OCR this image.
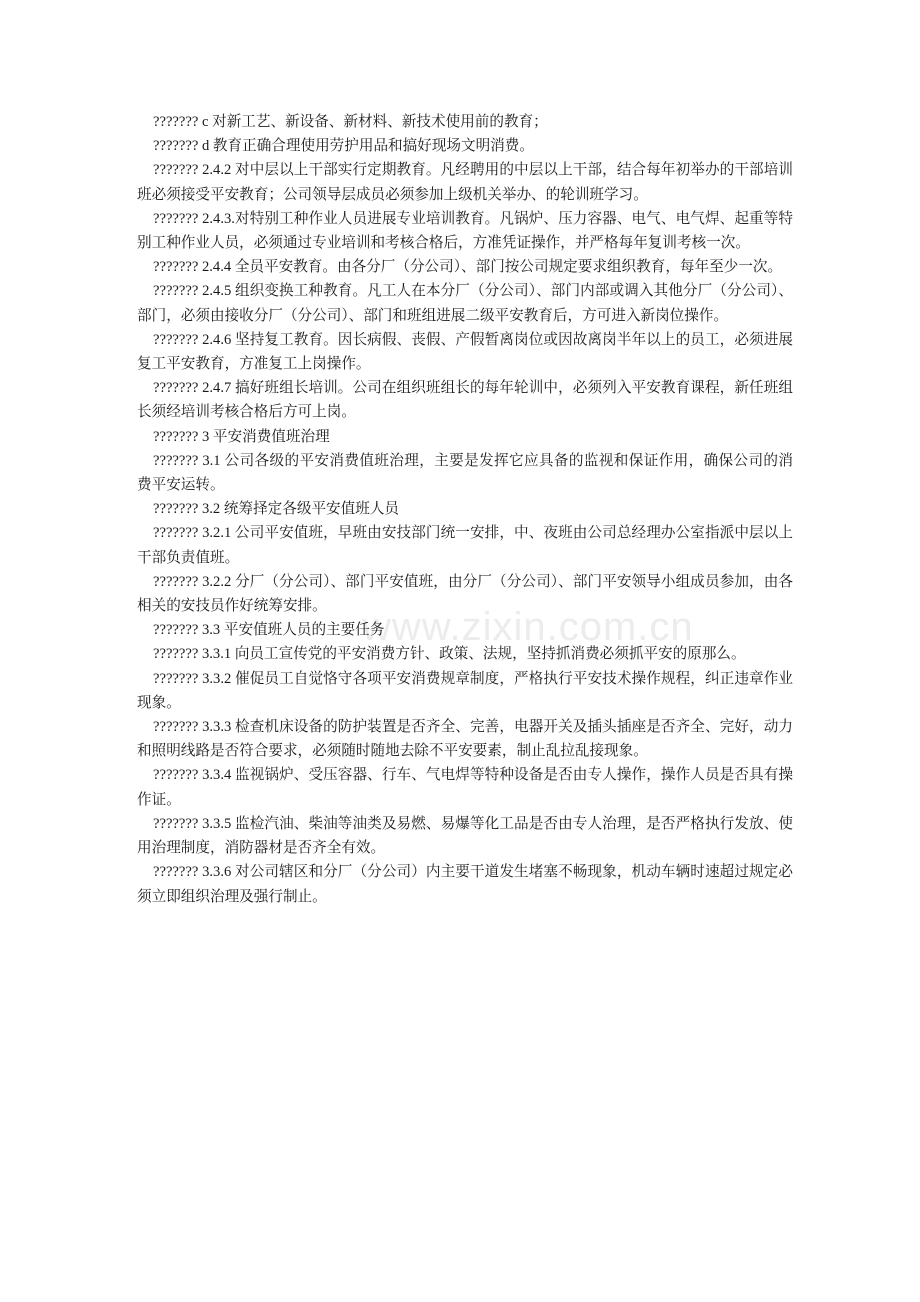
www.zixin.com.cn

??????? c 对新工艺、新设备、新材料、新技术使用前的教育；

??????? d 教育正确合理使用劳护用品和搞好现场文明消费。

??????? 2.4.2 对中层以上干部实行定期教育。凡经聘用的中层以上干部，结合每年初举办的干部培训班必须接受平安教育；公司领导层成员必须参加上级机关举办、的轮训班学习。

??????? 2.4.3.对特别工种作业人员进展专业培训教育。凡锅炉、压力容器、电气、电气焊、起重等特别工种作业人员，必须通过专业培训和考核合格后，方准凭证操作，并严格每年复训考核一次。

??????? 2.4.4 全员平安教育。由各分厂（分公司）、部门按公司规定要求组织教育，每年至少一次。

??????? 2.4.5 组织变换工种教育。凡工人在本分厂（分公司）、部门内部或调入其他分厂（分公司）、部门，必须由接收分厂（分公司）、部门和班组进展二级平安教育后，方可进入新岗位操作。

??????? 2.4.6 坚持复工教育。因长病假、丧假、产假暂离岗位或因故离岗半年以上的员工，必须进展复工平安教育，方准复工上岗操作。

??????? 2.4.7 搞好班组长培训。公司在组织班组长的每年轮训中，必须列入平安教育课程，新任班组长须经培训考核合格后方可上岗。

??????? 3 平安消费值班治理

??????? 3.1 公司各级的平安消费值班治理，主要是发挥它应具备的监视和保证作用，确保公司的消费平安运转。

??????? 3.2 统筹择定各级平安值班人员

??????? 3.2.1 公司平安值班，早班由安技部门统一安排，中、夜班由公司总经理办公室指派中层以上干部负责值班。

??????? 3.2.2 分厂（分公司）、部门平安值班，由分厂（分公司）、部门平安领导小组成员参加，由各相关的安技员作好统筹安排。

??????? 3.3 平安值班人员的主要任务

??????? 3.3.1 向员工宣传党的平安消费方针、政策、法规，坚持抓消费必须抓平安的原那么。

??????? 3.3.2 催促员工自觉恪守各项平安消费规章制度，严格执行平安技术操作规程，纠正违章作业现象。

??????? 3.3.3 检查机床设备的防护装置是否齐全、完善，电器开关及插头插座是否齐全、完好，动力和照明线路是否符合要求，必须随时随地去除不平安要素，制止乱拉乱接现象。

??????? 3.3.4 监视锅炉、受压容器、行车、气电焊等特种设备是否由专人操作，操作人员是否具有操作证。

??????? 3.3.5 监检汽油、柴油等油类及易燃、易爆等化工品是否由专人治理，是否严格执行发放、使用治理制度，消防器材是否齐全有效。

??????? 3.3.6 对公司辖区和分厂（分公司）内主要干道发生堵塞不畅现象，机动车辆时速超过规定必须立即组织治理及强行制止。
